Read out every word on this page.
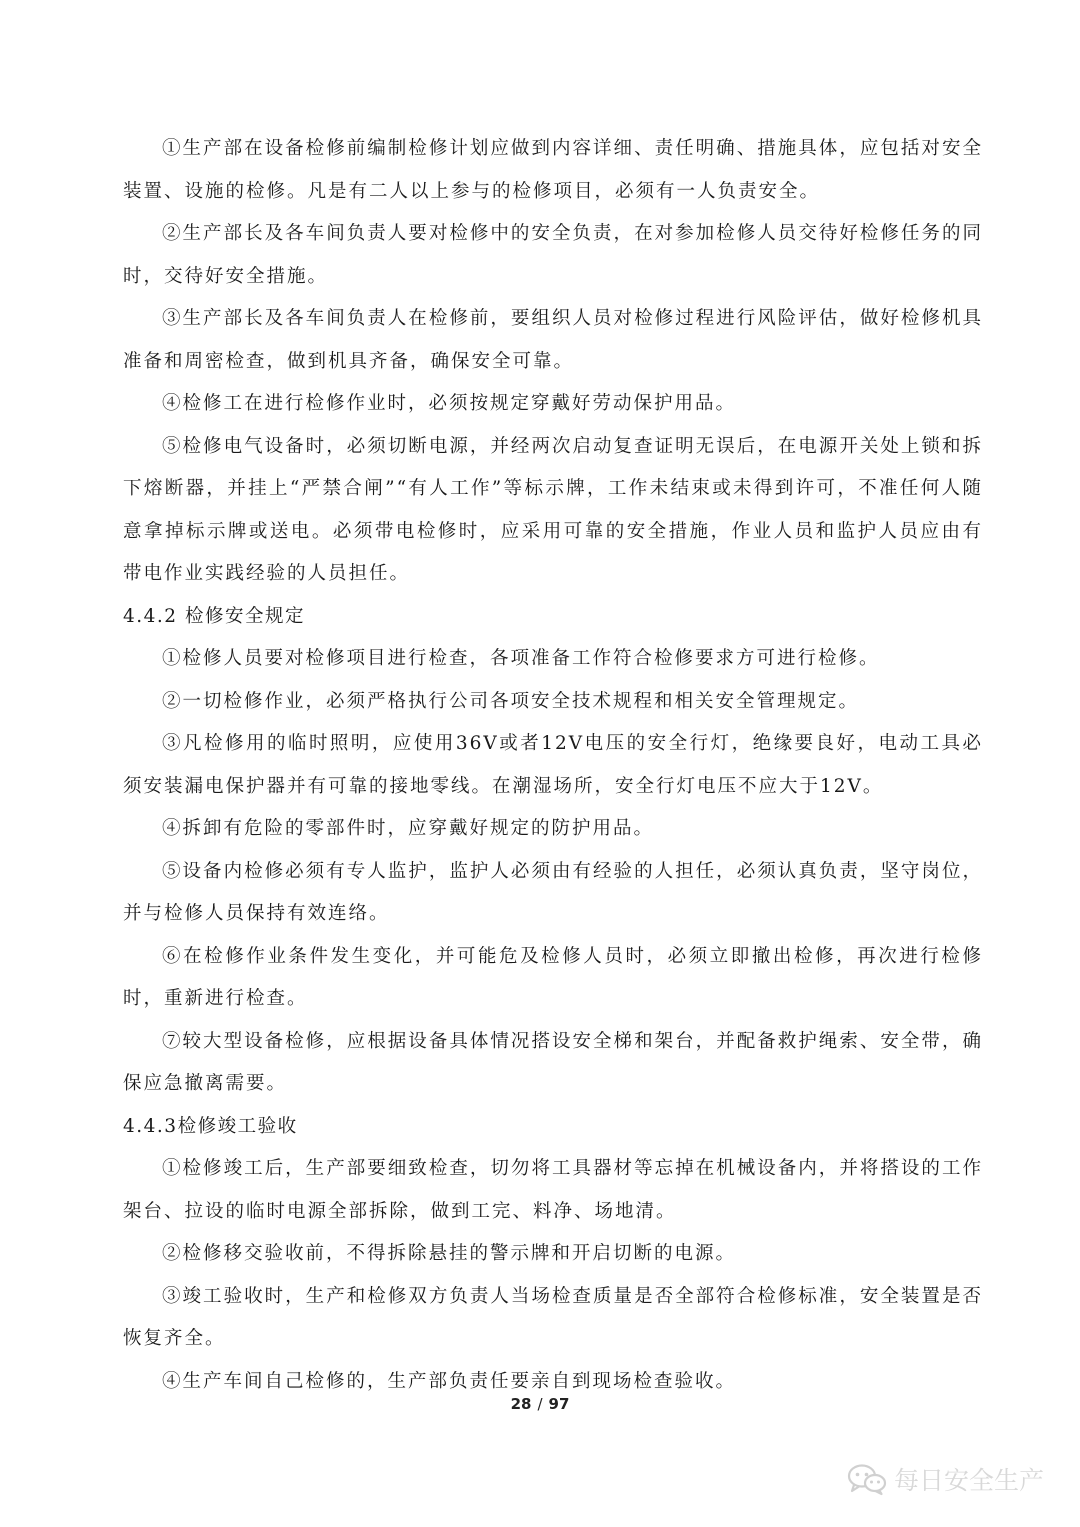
①生产部在设备检修前编制检修计划应做到内容详细、责任明确、措施具体，应包括对安全装置、设施的检修。凡是有二人以上参与的检修项目，必须有一人负责安全。

②生产部长及各车间负责人要对检修中的安全负责，在对参加检修人员交待好检修任务的同时，交待好安全措施。

③生产部长及各车间负责人在检修前，要组织人员对检修过程进行风险评估，做好检修机具准备和周密检查，做到机具齐备，确保安全可靠。

④检修工在进行检修作业时，必须按规定穿戴好劳动保护用品。

⑤检修电气设备时，必须切断电源，并经两次启动复查证明无误后，在电源开关处上锁和拆下熔断器，并挂上“严禁合闸”“有人工作”等标示牌，工作未结束或未得到许可，不准任何人随意拿掉标示牌或送电。必须带电检修时，应采用可靠的安全措施，作业人员和监护人员应由有带电作业实践经验的人员担任。

4.4.2 检修安全规定

①检修人员要对检修项目进行检查，各项准备工作符合检修要求方可进行检修。

②一切检修作业，必须严格执行公司各项安全技术规程和相关安全管理规定。

③凡检修用的临时照明，应使用36V或者12V电压的安全行灯，绝缘要良好，电动工具必须安装漏电保护器并有可靠的接地零线。在潮湿场所，安全行灯电压不应大于12V。

④拆卸有危险的零部件时，应穿戴好规定的防护用品。

⑤设备内检修必须有专人监护，监护人必须由有经验的人担任，必须认真负责，坚守岗位，并与检修人员保持有效连络。

⑥在检修作业条件发生变化，并可能危及检修人员时，必须立即撤出检修，再次进行检修时，重新进行检查。

⑦较大型设备检修，应根据设备具体情况搭设安全梯和架台，并配备救护绳索、安全带，确保应急撤离需要。

4.4.3检修竣工验收

①检修竣工后，生产部要细致检查，切勿将工具器材等忘掉在机械设备内，并将搭设的工作架台、拉设的临时电源全部拆除，做到工完、料净、场地清。

②检修移交验收前，不得拆除悬挂的警示牌和开启切断的电源。

③竣工验收时，生产和检修双方负责人当场检查质量是否全部符合检修标准，安全装置是否恢复齐全。

④生产车间自己检修的，生产部负责任要亲自到现场检查验收。

28 / 97
每日安全生产
